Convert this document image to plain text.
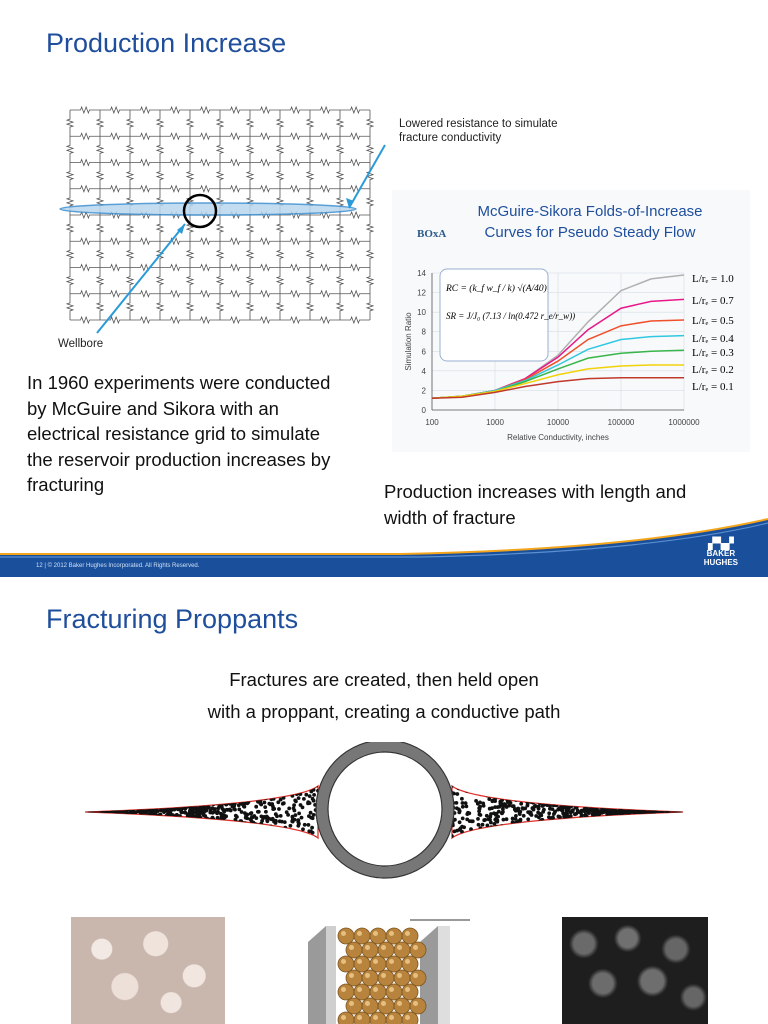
Production Increase
Lowered resistance to simulate
fracture conductivity
Wellbore
In 1960 experiments were conducted
by McGuire and Sikora with an
electrical resistance grid to simulate
the reservoir production increases by
fracturing
BOxA
McGuire-Sikora Folds-of-Increase
Curves for Pseudo Steady Flow
0
2
4
6
8
10
12
14
100	1000	10000	100000	1000000
Relative Conductivity, inches
Simulation Ratio
L/rₑ = 1.0
L/rₑ = 0.7
L/rₑ = 0.5
L/rₑ = 0.4
L/rₑ = 0.3
L/rₑ = 0.2
L/rₑ = 0.1
RC = (k_f w_f / k) √(A/40)
SR = J/J₀ (7.13 / ln(0.472 r_e/r_w))
Production increases with length and
width of fracture
12 | © 2012 Baker Hughes Incorporated. All Rights Reserved.
▞▚▞
BAKER
HUGHES
Fracturing Proppants
Fractures are created, then held open
with a proppant, creating a conductive path
